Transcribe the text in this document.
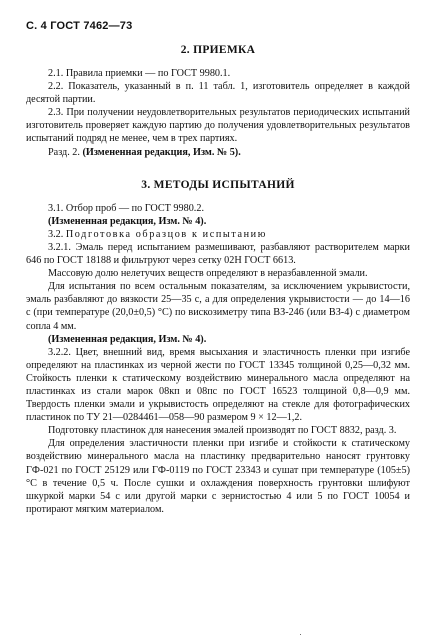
С. 4 ГОСТ 7462—73
2. ПРИЕМКА

2.1. Правила приемки — по ГОСТ 9980.1.

2.2. Показатель, указанный в п. 11 табл. 1, изготовитель определяет в каждой десятой партии.

2.3. При получении неудовлетворительных результатов периодических испытаний изготовитель проверяет каждую партию до получения удовлетворительных результатов испытаний подряд не менее, чем в трех партиях.

Разд. 2. (Измененная редакция, Изм. № 5).

3. МЕТОДЫ ИСПЫТАНИЙ

3.1. Отбор проб — по ГОСТ 9980.2.

(Измененная редакция, Изм. № 4).

3.2. Подготовка образцов к испытанию

3.2.1. Эмаль перед испытанием размешивают, разбавляют растворителем марки 646 по ГОСТ 18188 и фильтруют через сетку 02Н ГОСТ 6613.

Массовую долю нелетучих веществ определяют в неразбавленной эмали.

Для испытания по всем остальным показателям, за исключением укрывистости, эмаль разбавляют до вязкости 25—35 с, а для определения укрывистости — до 14—16 с (при температуре (20,0±0,5) °С) по вискозиметру типа ВЗ-246 (или ВЗ-4) с диаметром сопла 4 мм.

(Измененная редакция, Изм. № 4).

3.2.2. Цвет, внешний вид, время высыхания и эластичность пленки при изгибе определяют на пластинках из черной жести по ГОСТ 13345 толщиной 0,25—0,32 мм. Стойкость пленки к статическому воздействию минерального масла определяют на пластинках из стали марок 08кп и 08пс по ГОСТ 16523 толщиной 0,8—0,9 мм. Твердость пленки эмали и укрывистость определяют на стекле для фотографических пластинок по ТУ 21—0284461—058—90 размером 9 × 12—1,2.

Подготовку пластинок для нанесения эмалей производят по ГОСТ 8832, разд. 3.

Для определения эластичности пленки при изгибе и стойкости к статическому воздействию минерального масла на пластинку предварительно наносят грунтовку ГФ-021 по ГОСТ 25129 или ГФ-0119 по ГОСТ 23343 и сушат при температуре (105±5) °С в течение 0,5 ч. После сушки и охлаждения поверхность грунтовки шлифуют шкуркой марки 54 с или другой марки с зернистостью 4 или 5 по ГОСТ 10054 и протирают мягким материалом.

·
